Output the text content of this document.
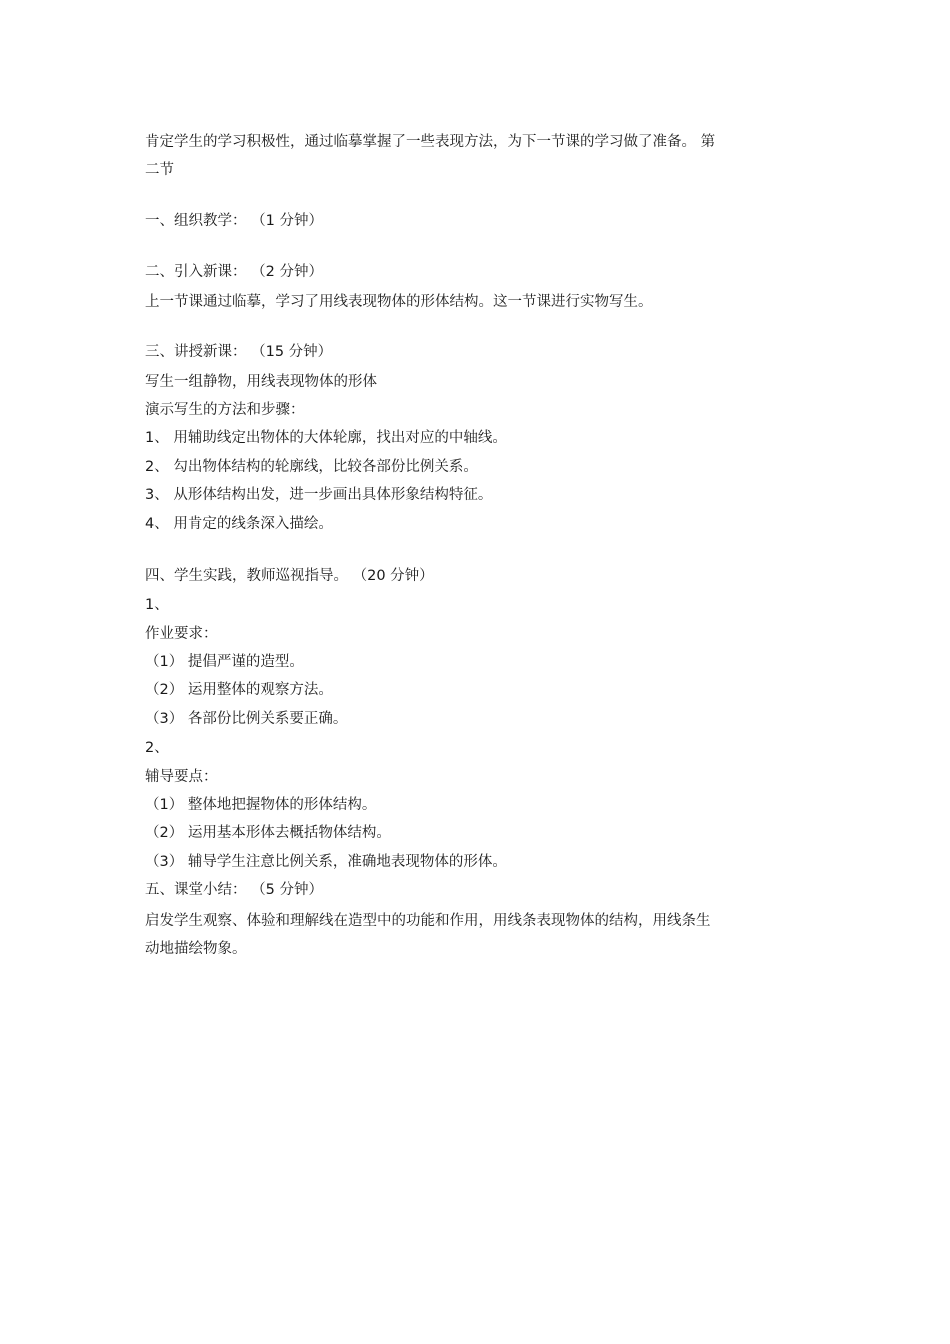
肯定学生的学习积极性，通过临摹掌握了一些表现方法，为下一节课的学习做了准备。 第
二节
一、组织教学： （1 分钟）
二、引入新课： （2 分钟）
上一节课通过临摹，学习了用线表现物体的形体结构。这一节课进行实物写生。
三、讲授新课： （15 分钟）
写生一组静物，用线表现物体的形体
演示写生的方法和步骤：
1、 用辅助线定出物体的大体轮廓，找出对应的中轴线。
2、 勾出物体结构的轮廓线，比较各部份比例关系。
3、 从形体结构出发，进一步画出具体形象结构特征。
4、 用肯定的线条深入描绘。
四、学生实践，教师巡视指导。 （20 分钟）
1、
作业要求：
（1） 提倡严谨的造型。
（2） 运用整体的观察方法。
（3） 各部份比例关系要正确。
2、
辅导要点：
（1） 整体地把握物体的形体结构。
（2） 运用基本形体去概括物体结构。
（3） 辅导学生注意比例关系，准确地表现物体的形体。
五、课堂小结： （5 分钟）
启发学生观察、体验和理解线在造型中的功能和作用，用线条表现物体的结构，用线条生
动地描绘物象。
